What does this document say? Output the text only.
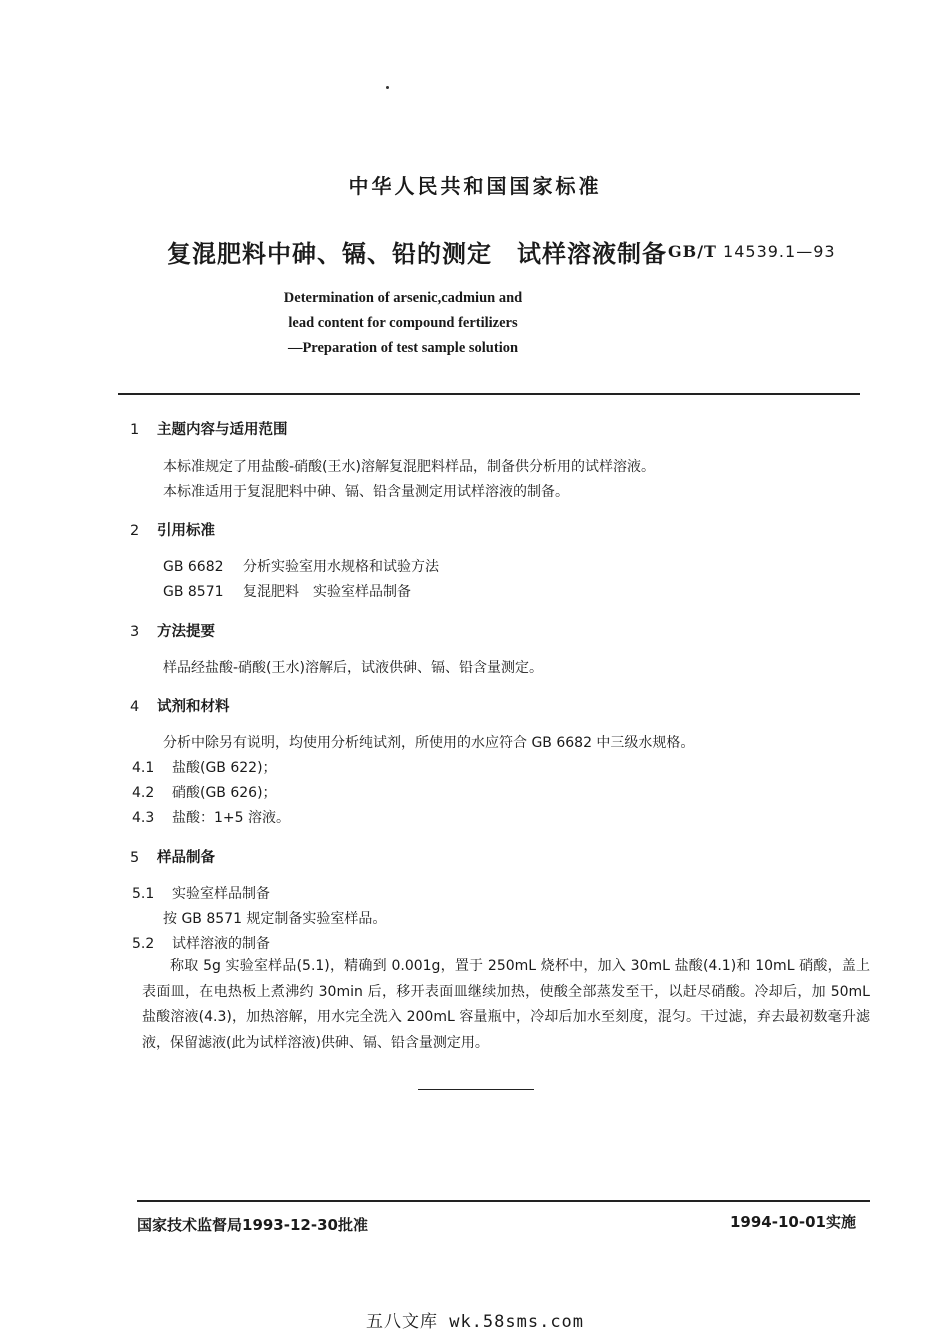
中华人民共和国国家标准
复混肥料中砷、镉、铅的测定　试样溶液制备 GB/T 14539.1—93
Determination of arsenic,cadmiun and
lead content for compound fertilizers
—Preparation of test sample solution
1 主题内容与适用范围
本标准规定了用盐酸-硝酸(王水)溶解复混肥料样品，制备供分析用的试样溶液。
本标准适用于复混肥料中砷、镉、铅含量测定用试样溶液的制备。
2 引用标准
GB 6682 分析实验室用水规格和试验方法
GB 8571 复混肥料　实验室样品制备
3 方法提要
样品经盐酸-硝酸(王水)溶解后，试液供砷、镉、铅含量测定。
4 试剂和材料
分析中除另有说明，均使用分析纯试剂，所使用的水应符合 GB 6682 中三级水规格。
4.1 盐酸(GB 622)；
4.2 硝酸(GB 626)；
4.3 盐酸：1+5 溶液。
5 样品制备
5.1 实验室样品制备
按 GB 8571 规定制备实验室样品。
5.2 试样溶液的制备
称取 5g 实验室样品(5.1)，精确到 0.001g，置于 250mL 烧杯中，加入 30mL 盐酸(4.1)和 10mL 硝酸，盖上表面皿，在电热板上煮沸约 30min 后，移开表面皿继续加热，使酸全部蒸发至干，以赶尽硝酸。冷却后，加 50mL 盐酸溶液(4.3)，加热溶解，用水完全洗入 200mL 容量瓶中，冷却后加水至刻度，混匀。干过滤，弃去最初数毫升滤液，保留滤液(此为试样溶液)供砷、镉、铅含量测定用。
国家技术监督局1993-12-30批准	1994-10-01实施
五八文库 wk.58sms.com
